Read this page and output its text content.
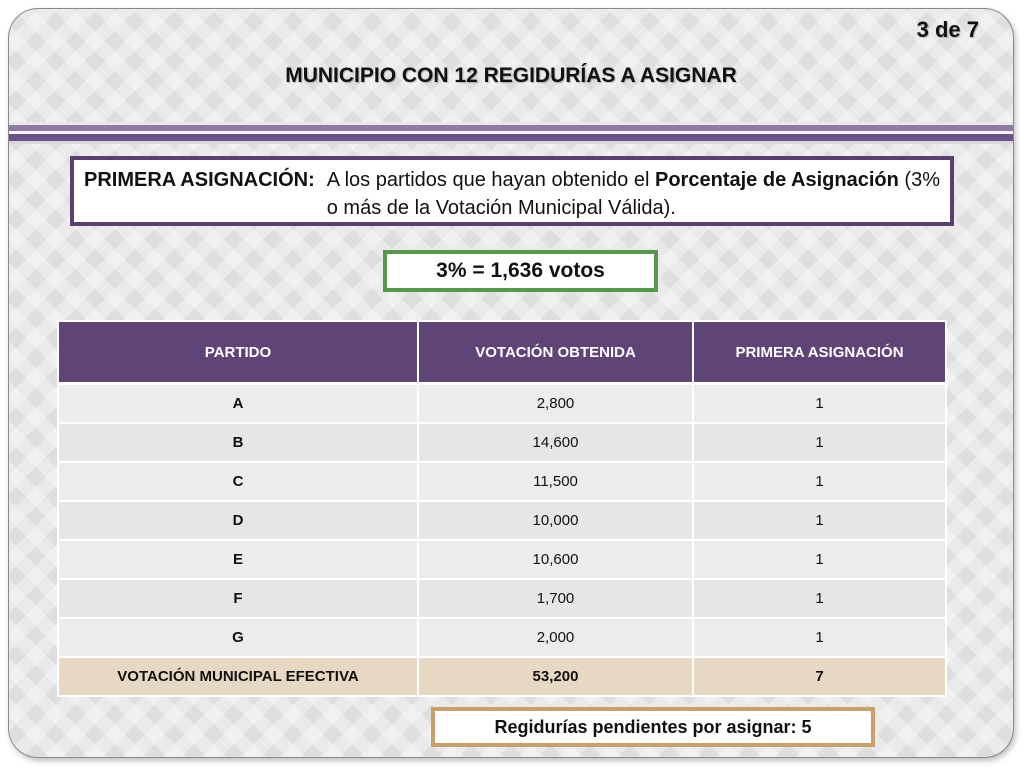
3 de 7
MUNICIPIO CON 12 REGIDURÍAS A ASIGNAR
PRIMERA ASIGNACIÓN: A los partidos que hayan obtenido el Porcentaje de Asignación (3% o más de la Votación Municipal Válida).
3% = 1,636 votos
PARTIDO	VOTACIÓN OBTENIDA	PRIMERA ASIGNACIÓN
A	2,800	1
B	14,600	1
C	11,500	1
D	10,000	1
E	10,600	1
F	1,700	1
G	2,000	1
VOTACIÓN MUNICIPAL EFECTIVA	53,200	7
Regidurías pendientes por asignar: 5
